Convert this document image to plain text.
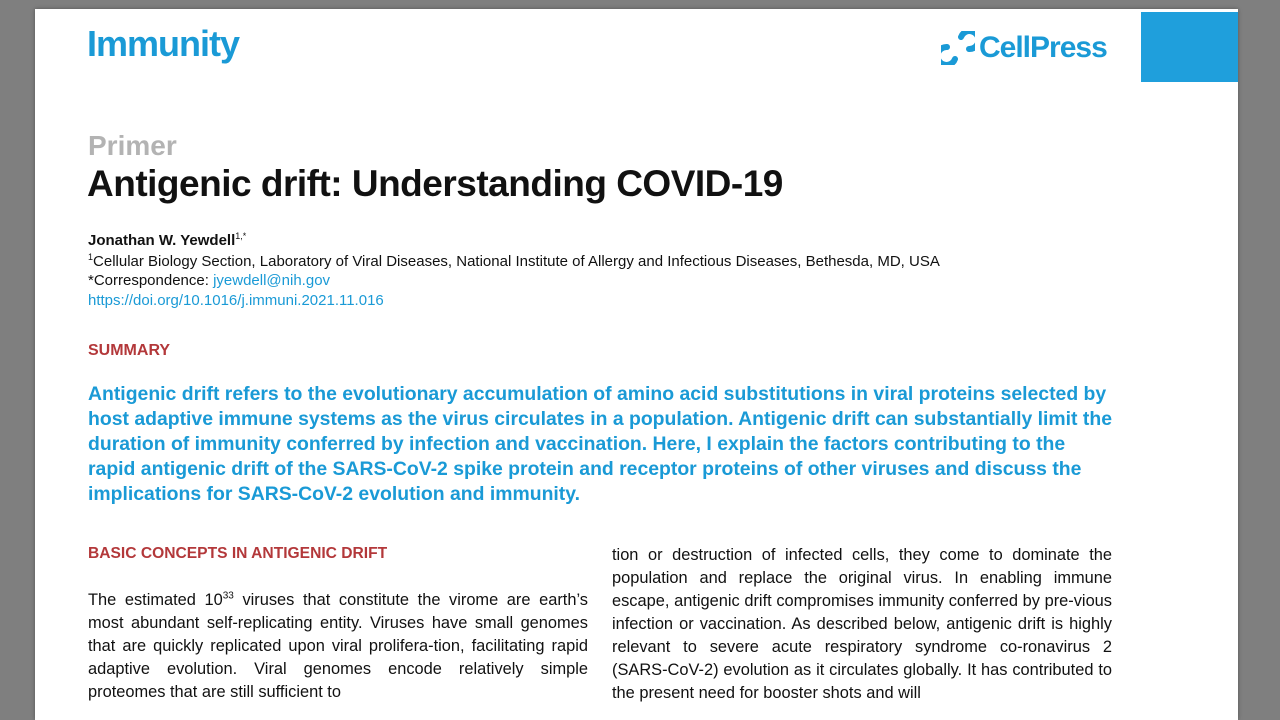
Immunity	CellPress
Primer
Antigenic drift: Understanding COVID-19
Jonathan W. Yewdell$^{1,*}$
$^1$Cellular Biology Section, Laboratory of Viral Diseases, National Institute of Allergy and Infectious Diseases, Bethesda, MD, USA
*Correspondence: jyewdell@nih.gov
https://doi.org/10.1016/j.immuni.2021.11.016
SUMMARY

Antigenic drift refers to the evolutionary accumulation of amino acid substitutions in viral proteins selected by host adaptive immune systems as the virus circulates in a population. Antigenic drift can substantially limit the duration of immunity conferred by infection and vaccination. Here, I explain the factors contributing to the rapid antigenic drift of the SARS-CoV-2 spike protein and receptor proteins of other viruses and discuss the implications for SARS-CoV-2 evolution and immunity.

BASIC CONCEPTS IN ANTIGENIC DRIFT

The estimated $10^{33}$ viruses that constitute the virome are earth’s most abundant self-replicating entity. Viruses have small genomes that are quickly replicated upon viral prolifera-tion, facilitating rapid adaptive evolution. Viral genomes encode relatively simple proteomes that are still sufficient to

tion or destruction of infected cells, they come to dominate the population and replace the original virus. In enabling immune escape, antigenic drift compromises immunity conferred by pre-vious infection or vaccination. As described below, antigenic drift is highly relevant to severe acute respiratory syndrome co-ronavirus 2 (SARS-CoV-2) evolution as it circulates globally. It has contributed to the present need for booster shots and will
